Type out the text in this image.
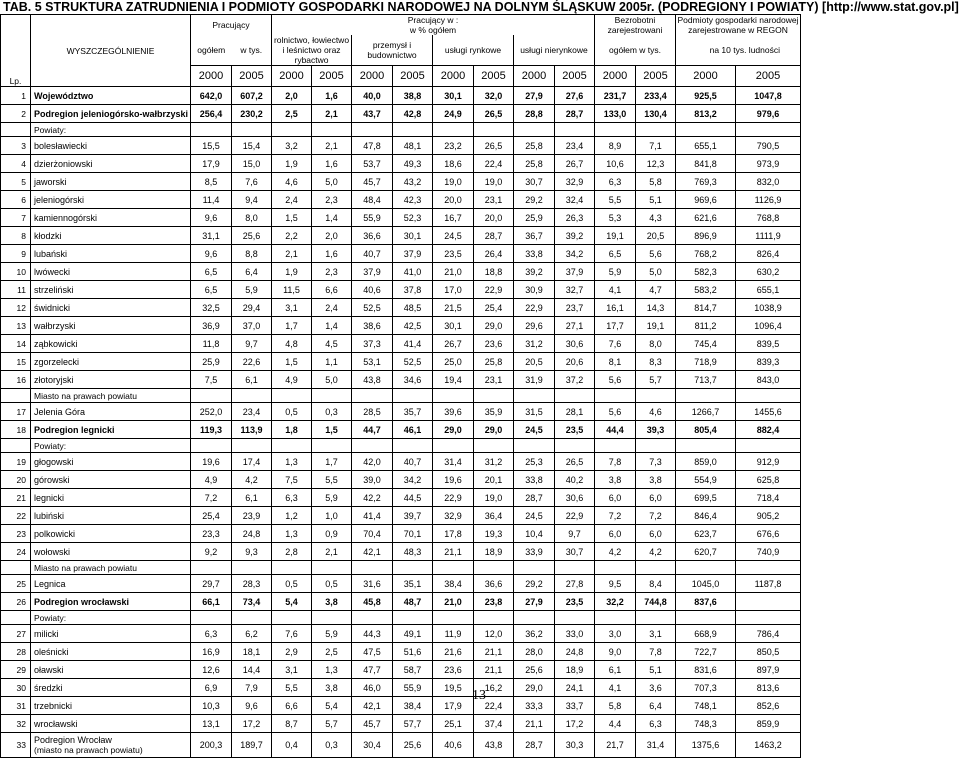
TAB. 5 STRUKTURA ZATRUDNIENIA I PODMIOTY GOSPODARKI NARODOWEJ NA DOLNYM ŚLĄSKUW 2005r. (PODREGIONY I POWIATY) [http://www.stat.gov.pl]
Lp.	WYSZCZEGÓLNIENIE	Pracujący		Pracujący w :
w % ogółem								Bezrobotni zarejestrowani		Podmioty gospodarki narodowej zarejestrowane w REGON	
		ogółem	w tys.	rolnictwo, łowiectwo i leśnictwo oraz rybactwo		przemysł i budownictwo		usługi rynkowe		usługi nierynkowe		ogółem w tys.		na 10 tys. ludności	
		2000	2005	2000	2005	2000	2005	2000	2005	2000	2005	2000	2005	2000	2005
1	Województwo	642,0	607,2	2,0	1,6	40,0	38,8	30,1	32,0	27,9	27,6	231,7	233,4	925,5	1047,8
2	Podregion jeleniogórsko-wałbrzyski	256,4	230,2	2,5	2,1	43,7	42,8	24,9	26,5	28,8	28,7	133,0	130,4	813,2	979,6

	Powiaty:														

3	bolesławiecki	15,5	15,4	3,2	2,1	47,8	48,1	23,2	26,5	25,8	23,4	8,9	7,1	655,1	790,5
4	dzierżoniowski	17,9	15,0	1,9	1,6	53,7	49,3	18,6	22,4	25,8	26,7	10,6	12,3	841,8	973,9
5	jaworski	8,5	7,6	4,6	5,0	45,7	43,2	19,0	19,0	30,7	32,9	6,3	5,8	769,3	832,0
6	jeleniogórski	11,4	9,4	2,4	2,3	48,4	42,3	20,0	23,1	29,2	32,4	5,5	5,1	969,6	1126,9
7	kamiennogórski	9,6	8,0	1,5	1,4	55,9	52,3	16,7	20,0	25,9	26,3	5,3	4,3	621,6	768,8
8	kłodzki	31,1	25,6	2,2	2,0	36,6	30,1	24,5	28,7	36,7	39,2	19,1	20,5	896,9	1111,9
9	lubański	9,6	8,8	2,1	1,6	40,7	37,9	23,5	26,4	33,8	34,2	6,5	5,6	768,2	826,4
10	lwówecki	6,5	6,4	1,9	2,3	37,9	41,0	21,0	18,8	39,2	37,9	5,9	5,0	582,3	630,2
11	strzeliński	6,5	5,9	11,5	6,6	40,6	37,8	17,0	22,9	30,9	32,7	4,1	4,7	583,2	655,1
12	świdnicki	32,5	29,4	3,1	2,4	52,5	48,5	21,5	25,4	22,9	23,7	16,1	14,3	814,7	1038,9
13	wałbrzyski	36,9	37,0	1,7	1,4	38,6	42,5	30,1	29,0	29,6	27,1	17,7	19,1	811,2	1096,4
14	ząbkowicki	11,8	9,7	4,8	4,5	37,3	41,4	26,7	23,6	31,2	30,6	7,6	8,0	745,4	839,5
15	zgorzelecki	25,9	22,6	1,5	1,1	53,1	52,5	25,0	25,8	20,5	20,6	8,1	8,3	718,9	839,3
16	złotoryjski	7,5	6,1	4,9	5,0	43,8	34,6	19,4	23,1	31,9	37,2	5,6	5,7	713,7	843,0

	Miasto na prawach powiatu														

17	Jelenia Góra	252,0	23,4	0,5	0,3	28,5	35,7	39,6	35,9	31,5	28,1	5,6	4,6	1266,7	1455,6
18	Podregion legnicki	119,3	113,9	1,8	1,5	44,7	46,1	29,0	29,0	24,5	23,5	44,4	39,3	805,4	882,4

	Powiaty:														

19	głogowski	19,6	17,4	1,3	1,7	42,0	40,7	31,4	31,2	25,3	26,5	7,8	7,3	859,0	912,9
20	górowski	4,9	4,2	7,5	5,5	39,0	34,2	19,6	20,1	33,8	40,2	3,8	3,8	554,9	625,8
21	legnicki	7,2	6,1	6,3	5,9	42,2	44,5	22,9	19,0	28,7	30,6	6,0	6,0	699,5	718,4
22	lubiński	25,4	23,9	1,2	1,0	41,4	39,7	32,9	36,4	24,5	22,9	7,2	7,2	846,4	905,2
23	polkowicki	23,3	24,8	1,3	0,9	70,4	70,1	17,8	19,3	10,4	9,7	6,0	6,0	623,7	676,6
24	wołowski	9,2	9,3	2,8	2,1	42,1	48,3	21,1	18,9	33,9	30,7	4,2	4,2	620,7	740,9

	Miasto na prawach powiatu														

25	Legnica	29,7	28,3	0,5	0,5	31,6	35,1	38,4	36,6	29,2	27,8	9,5	8,4	1045,0	1187,8
26	Podregion wrocławski	66,1	73,4	5,4	3,8	45,8	48,7	21,0	23,8	27,9	23,5	32,2	744,8	837,6	

	Powiaty:														

27	milicki	6,3	6,2	7,6	5,9	44,3	49,1	11,9	12,0	36,2	33,0	3,0	3,1	668,9	786,4
28	oleśnicki	16,9	18,1	2,9	2,5	47,5	51,6	21,6	21,1	28,0	24,8	9,0	7,8	722,7	850,5
29	oławski	12,6	14,4	3,1	1,3	47,7	58,7	23,6	21,1	25,6	18,9	6,1	5,1	831,6	897,9
30	średzki	6,9	7,9	5,5	3,8	46,0	55,9	19,5	16,2	29,0	24,1	4,1	3,6	707,3	813,6
31	trzebnicki	10,3	9,6	6,6	5,4	42,1	38,4	17,9	22,4	33,3	33,7	5,8	6,4	748,1	852,6
32	wrocławski	13,1	17,2	8,7	5,7	45,7	57,7	25,1	37,4	21,1	17,2	4,4	6,3	748,3	859,9
33	Podregion Wrocław
(miasto na prawach powiatu)	200,3	189,7	0,4	0,3	30,4	25,6	40,6	43,8	28,7	30,3	21,7	31,4	1375,6	1463,2
13
